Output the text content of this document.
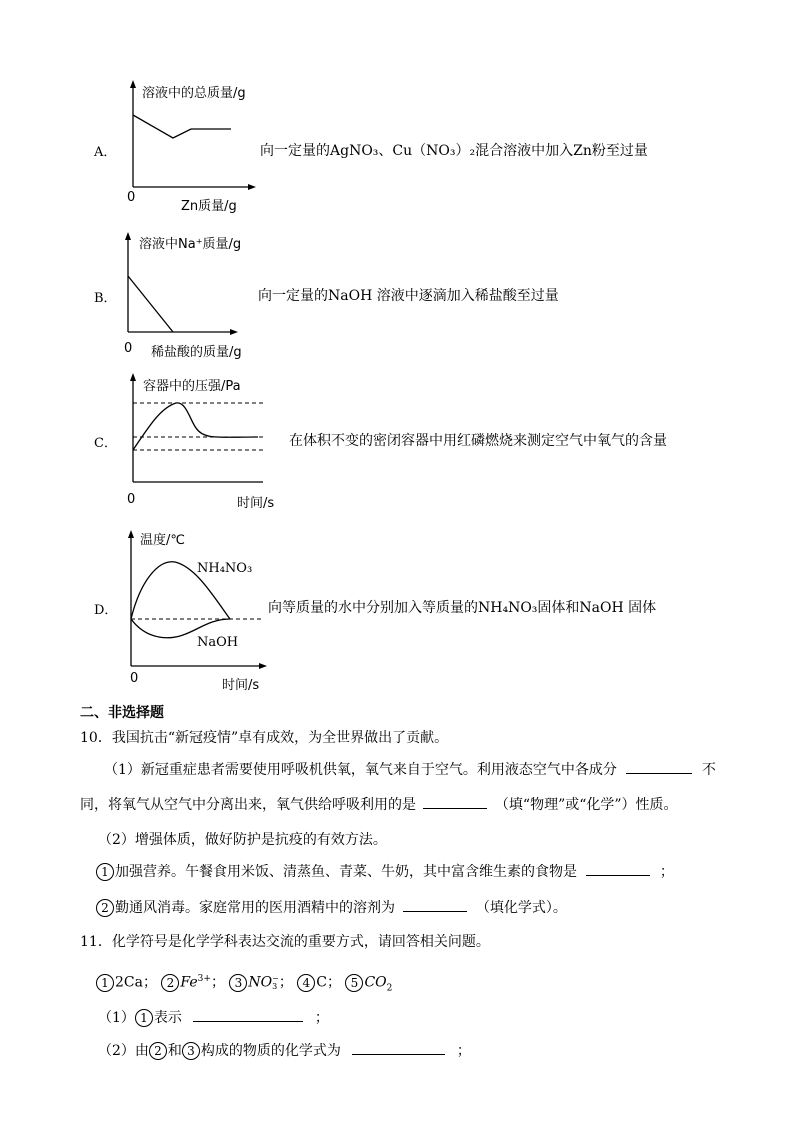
A．
溶液中的总质量/g
0
Zn质量/g
向一定量的AgNO₃、Cu（NO₃）₂混合溶液中加入Zn粉至过量
B．
溶液中Na⁺质量/g
0 稀盐酸的质量/g
向一定量的NaOH 溶液中逐滴加入稀盐酸至过量
C．
容器中的压强/Pa
0	时间/s
在体积不变的密闭容器中用红磷燃烧来测定空气中氧气的含量
D．
温度/℃
NH₄NO₃
NaOH
0	时间/s
向等质量的水中分别加入等质量的NH₄NO₃固体和NaOH 固体
二、非选择题
10．我国抗击“新冠疫情”卓有成效，为全世界做出了贡献。
（1）新冠重症患者需要使用呼吸机供氧，氧气来自于空气。利用液态空气中各成分	不
同，将氧气从空气中分离出来，氧气供给呼吸利用的是	（填“物理”或“化学”）性质。
（2）增强体质，做好防护是抗疫的有效方法。
1 加强营养。午餐食用米饭、清蒸鱼、青菜、牛奶，其中富含维生素的食物是	；
2 勤通风消毒。家庭常用的医用酒精中的溶剂为	（填化学式）。
11．化学符号是化学学科表达交流的重要方式，请回答相关问题。
1 2Ca； 2 $Fe^{3+}$； 3 NO −
3 ； 4 C； 5 $CO_2$
（1） 1 表示	；
（2）由 2 和 3 构成的物质的化学式为	；
